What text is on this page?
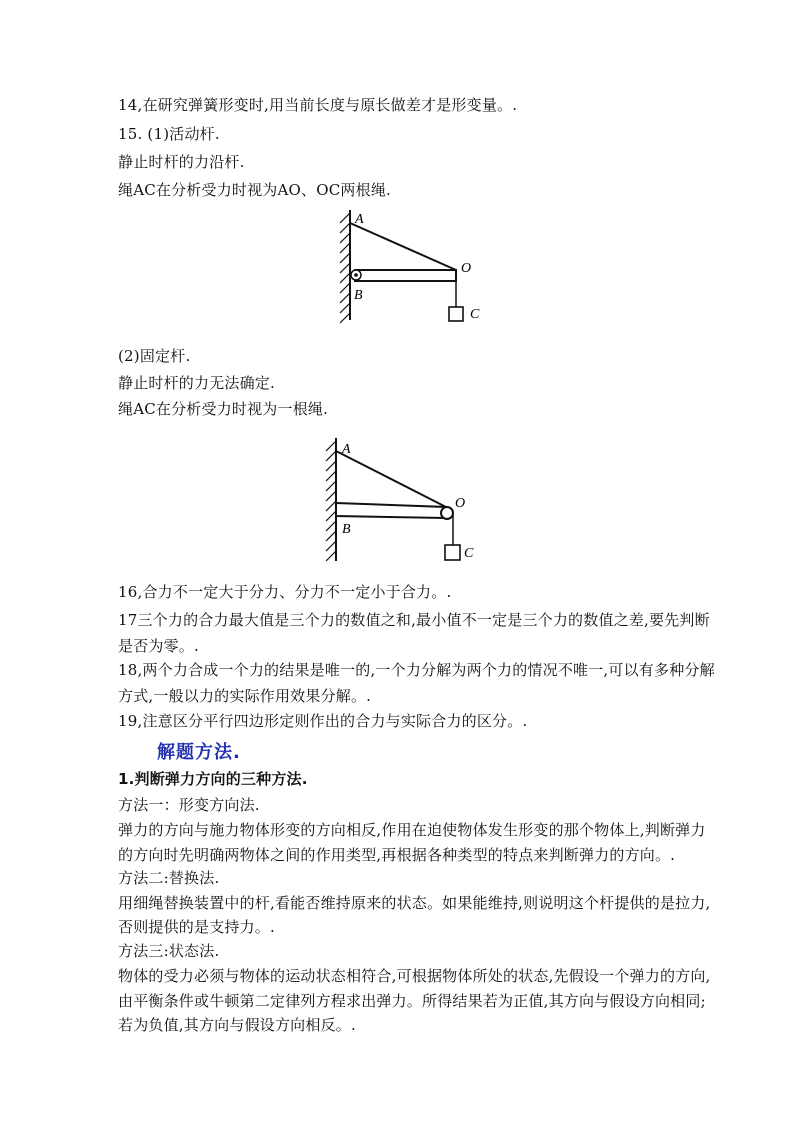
14,在研究弹簧形变时,用当前长度与原长做差才是形变量。.
15. (1)活动杆.
静止时杆的力沿杆.
绳AC在分析受力时视为AO、OC两根绳.
A
B
O
C
(2)固定杆.
静止时杆的力无法确定.
绳AC在分析受力时视为一根绳.
A
B
O
C
16,合力不一定大于分力、分力不一定小于合力。.
17三个力的合力最大值是三个力的数值之和,最小值不一定是三个力的数值之差,要先判断
是否为零。.
18,两个力合成一个力的结果是唯一的,一个力分解为两个力的情况不唯一,可以有多种分解
方式,一般以力的实际作用效果分解。.
19,注意区分平行四边形定则作出的合力与实际合力的区分。.
解题方法.
1.判断弹力方向的三种方法.
方法一：形变方向法.
弹力的方向与施力物体形变的方向相反,作用在迫使物体发生形变的那个物体上,判断弹力
的方向时先明确两物体之间的作用类型,再根据各种类型的特点来判断弹力的方向。.
方法二:替换法.
用细绳替换装置中的杆,看能否维持原来的状态。如果能维持,则说明这个杆提供的是拉力,
否则提供的是支持力。.
方法三:状态法.
物体的受力必须与物体的运动状态相符合,可根据物体所处的状态,先假设一个弹力的方向,
由平衡条件或牛顿第二定律列方程求出弹力。所得结果若为正值,其方向与假设方向相同;
若为负值,其方向与假设方向相反。.
